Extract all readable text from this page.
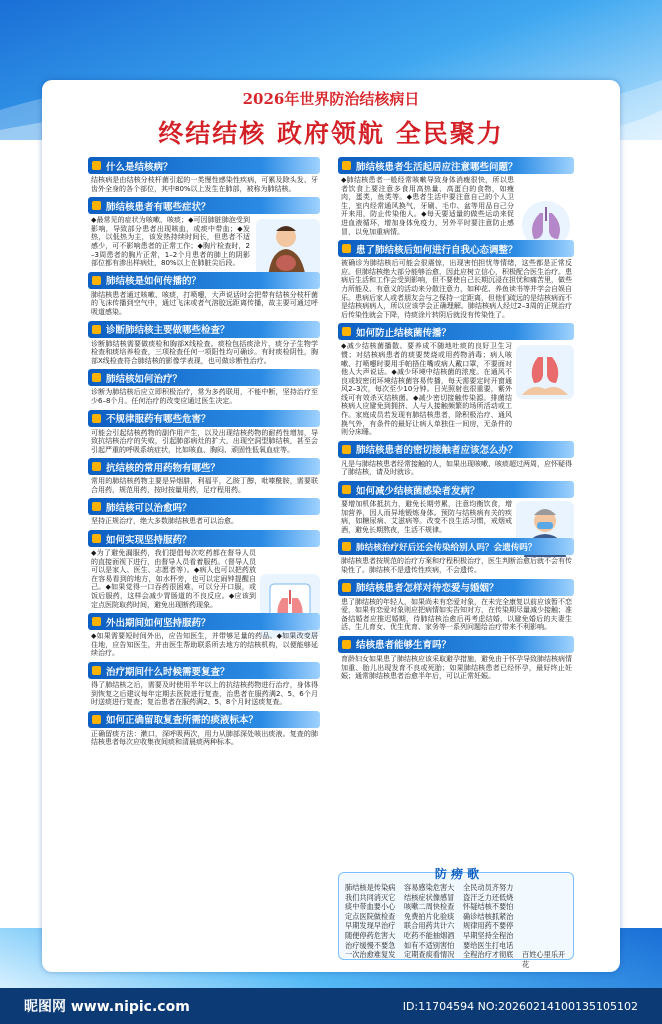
2026年世界防治结核病日
终结结核 政府领航 全民聚力
什么是结核病？
结核病是由结核分枝杆菌引起的一类慢性感染性疾病，可累及除头发、牙齿外全身的各个部位，其中80%以上发生在肺部，被称为肺结核。
肺结核患者有哪些症状？
◆最常见的症状为咳嗽、咳痰；◆可因肺脏肺泡受到影响，导致部分患者出现咳血，或痰中带血；◆发热，以低热为主，该发热持续时间长，但患者不适感少，可不影响患者的正常工作；◆胸片检查时，2–3周患者的胸片正常，1–2个月患者的肺上的阴影部位都有渗出样病灶，80%以上在肺脏尖后段。
肺结核是如何传播的？
肺结核患者通过咳嗽、咳痰，打喷嚏，大声说话时会把带有结核分枝杆菌的飞沫传播到空气中，通过飞沫或者气溶胶远距离传播，故主要可通过呼吸道感染。
诊断肺结核主要做哪些检查？
诊断肺结核需要做痰检和胸部X线检查。痰检包括痰涂片，痰分子生物学检查和痰培养检查，三项检查任何一项阳性均可确诊。有时痰检阴性，胸部X线检查符合肺结核的影像学表现，也可做诊断性治疗。
肺结核如何治疗？
诊断为肺结核后应立即积极治疗，常为多药联用，不能中断，坚持治疗至少6–8个月。任何治疗的改变应通过医生决定。
不规律服药有哪些危害？
可能会引起结核药物的副作用产生，以及出现结核药物的耐药性增加，导致抗结核治疗的失败，引起肺部病灶的扩大，出现空洞型肺结核，甚至会引起严重的呼吸系统症状，比如咳血、胸闷、顽固性低氧血症等。
抗结核的常用药物有哪些？
常用的肺结核药物主要是异烟肼，利福平，乙胺丁醇，吡嗪酰胺，需要联合用药，规范用药，按时按量用药，足疗程用药。
肺结核可以治愈吗？
坚持正规治疗，绝大多数肺结核患者可以治愈。
如何实现坚持服药？
◆为了避免漏服药，我们提倡每次吃药都在督导人员的直接面视下进行，由督导人员看着服药。（督导人员可以是家人、医生、志愿者等）。◆病人也可以把药放在容易看到的地方，如水杯旁，也可以定闹钟提醒自己。◆如果觉得一口吞药很困难，可以分开口服，或饭后服药，这样会减少胃肠道的不良反应。◆应该到定点医院取药时间，避免出现断药现象。
外出期间如何坚持服药？
◆如果需要短时间外出，应告知医生，并带够足量的药品。◆如果改变居住地，应告知医生，并由医生帮助联系所去地方的结核机构，以便能够延续治疗。
治疗期间什么时候需要复查？
得了肺结核之后，需要及时使用半年以上的抗结核药物进行治疗，身体得到恢复之后建议每年定期去医院进行复查，治患者在服药满2、5、6个月时送痰进行复查；复治患者在服药满2、5、8个月时送痰复查。
如何正确留取复查所需的痰液标本？
正确留痰方法：漱口，深呼吸两次，用力从肺部深处咳出痰液。复查的肺结核患者每次应收集夜间痰和清晨痰两种标本。
肺结核患者生活起居应注意哪些问题？
◆肺结核患者一般经常咳嗽导致身体消瘦很快，所以患者饮食上要注意多食用高热量、高蛋白的食物，如瘦肉，蛋类，鱼类等。◆患者生活中要注意自己的个人卫生，室内经常通风换气，牙刷、毛巾、盆等用品自己分开来用，防止传染他人。◆每天要适量的做些运动来促进血液循环，增加身体免疫力，另外平时要注意防止感冒，以免加重病情。
患了肺结核后如何进行自我心态调整？
被确诊为肺结核后可能会很震惊，出现害怕担忧等情绪，这些都是正常反应。但肺结核绝大部分能够治愈，因此应树立信心，积极配合医生治疗。患病后生活和工作会受到影响，但不要使自己长期沉浸在担忧和痛苦里，做些力所能及、有意义的活动来分散注意力，如种花、养鱼读书等并学会自娱自乐。患病后家人或者朋友会与之保持一定距离，但他们疏远的是结核病而不是结核病病人，所以应该学会正确理解。肺结核病人经过2–3周的正规治疗后传染性就会下降，待痰涂片转阴后就没有传染性了。
如何防止结核菌传播？
◆减少结核菌播散。要养成不随地吐痰的良好卫生习惯；对结核病患者的痰要焚烧或用药物消毒；病人咳嗽、打喷嚏时要用手帕捂住嘴或病人戴口罩，不要面对他人大声说话。◆减少环境中结核菌的浓度。在通风不良或较密闭环境结核菌容易传播，每天需要定时开窗通风2–3次，每次至少10分钟。日光照射也很重要，紫外线可有效杀灭结核菌。◆减少密切接触传染源。排菌结核病人应避免到拥挤、人与人接触频繁的场所活动或工作。家庭成员若发现有肺结核患者，除积极治疗、通风换气外，有条件的最好让病人单独住一间房，无条件的则分床睡。
肺结核患者的密切接触者应该怎么办？
凡是与肺结核患者经常接触的人，如果出现咳嗽、咳痰超过两周，应怀疑得了肺结核，请及时就诊。
如何减少结核菌感染者发病？
要增加机体抵抗力，避免长期劳累，注意均衡饮食，增加营养，因人而异地锻炼身体。预防与结核病有关的疾病，如糖尿病、艾滋病等。改变不良生活习惯，戒烟戒酒，避免长期熬夜，生活不规律。
肺结核治疗好后还会传染给别人吗？会遗传吗？
肺结核患者按规范的治疗方案和疗程积极治疗，医生判断治愈后就不会有传染性了。肺结核不是遗传性疾病，不会遗传。
肺结核患者怎样对待恋爱与婚姻？
患了肺结核的年轻人，如果尚未有恋爱对象，在未完全康复以前应该暂不恋爱，如果有恋爱对象则应把病情如实告知对方，在传染期尽量减少接触；准备结婚者应推迟婚期，待肺结核治愈后再考虑结婚，以避免婚后的夫妻生活、生儿育女、优生优育、家务等一系列问题给治疗带来不利影响。
结核患者能够生育吗？
育龄妇女如果患了肺结核应该采取避孕措施，避免由于怀孕导致肺结核病情加重、胎儿出现发育不良或死胎；如果肺结核患者已经怀孕，最好终止妊娠；通常肺结核患者治愈半年后，可以正常妊娠。
防 痨 歌
肺结核是传染病
我们共同消灭它
痰中带血要小心
定点医院做检查
早期发现早治疗
随便停药危害大
治疗缓慢不要急
一次治愈难复发
容易感染危害大
结核症状像感冒
咳嗽二周快检查
免费拍片化验痰
联合用药共计六
吃药不能抽烟酒
如有不适别害怕
定期查痰看情况
全民动员齐努力
盗汗乏力还低烧
怀疑结核不要怕
确诊结核抓紧治
规律用药不要停
早期坚持全程治
要给医生打电话
全程治疗才彻底	百姓心里乐开花
昵图网 www.nipic.com	ID:11704594 NO:20260214100135105102
